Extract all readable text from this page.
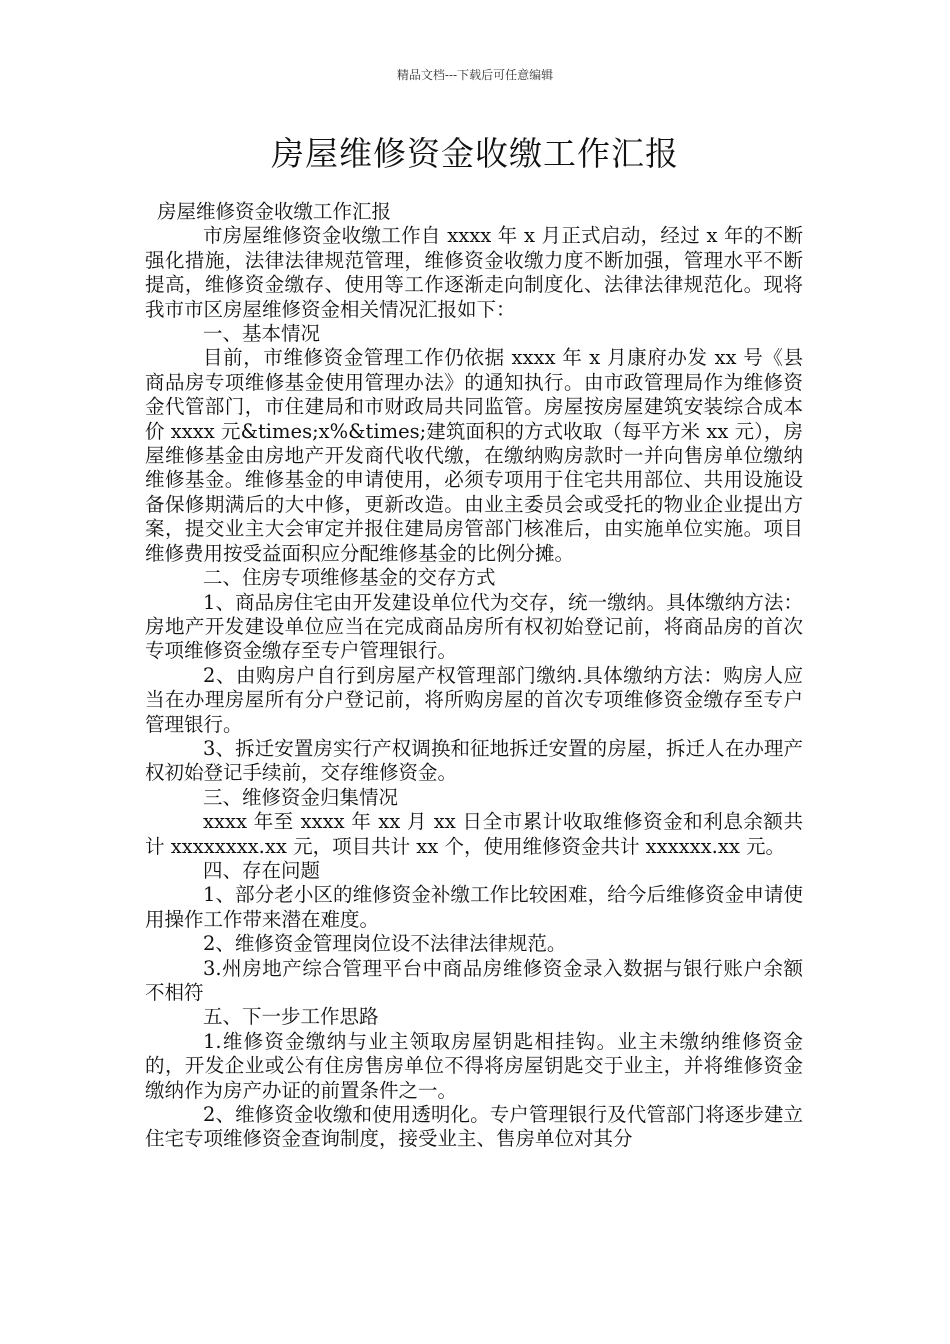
精品文档---下载后可任意编辑
房屋维修资金收缴工作汇报

房屋维修资金收缴工作汇报

市房屋维修资金收缴工作自 xxxx 年 x 月正式启动，经过 x 年的不断强化措施，法律法律规范管理，维修资金收缴力度不断加强，管理水平不断提高，维修资金缴存、使用等工作逐渐走向制度化、法律法律规范化。现将我市市区房屋维修资金相关情况汇报如下：

一、基本情况

目前，市维修资金管理工作仍依据 xxxx 年 x 月康府办发 xx 号《县商品房专项维修基金使用管理办法》的通知执行。由市政管理局作为维修资金代管部门，市住建局和市财政局共同监管。房屋按房屋建筑安装综合成本价 xxxx 元&times;x%&times;建筑面积的方式收取（每平方米 xx 元），房屋维修基金由房地产开发商代收代缴，在缴纳购房款时一并向售房单位缴纳维修基金。维修基金的申请使用，必须专项用于住宅共用部位、共用设施设备保修期满后的大中修，更新改造。由业主委员会或受托的物业企业提出方案，提交业主大会审定并报住建局房管部门核准后，由实施单位实施。项目维修费用按受益面积应分配维修基金的比例分摊。

二、住房专项维修基金的交存方式

1、商品房住宅由开发建设单位代为交存，统一缴纳。具体缴纳方法：房地产开发建设单位应当在完成商品房所有权初始登记前，将商品房的首次专项维修资金缴存至专户管理银行。

2、由购房户自行到房屋产权管理部门缴纳.具体缴纳方法：购房人应当在办理房屋所有分户登记前，将所购房屋的首次专项维修资金缴存至专户管理银行。

3、拆迁安置房实行产权调换和征地拆迁安置的房屋，拆迁人在办理产权初始登记手续前，交存维修资金。

三、维修资金归集情况

xxxx 年至 xxxx 年 xx 月 xx 日全市累计收取维修资金和利息余额共计 xxxxxxxx.xx 元，项目共计 xx 个，使用维修资金共计 xxxxxx.xx 元。

四、存在问题

1、部分老小区的维修资金补缴工作比较困难，给今后维修资金申请使用操作工作带来潜在难度。

2、维修资金管理岗位设不法律法律规范。

3.州房地产综合管理平台中商品房维修资金录入数据与银行账户余额不相符

五、下一步工作思路

1.维修资金缴纳与业主领取房屋钥匙相挂钩。业主未缴纳维修资金的，开发企业或公有住房售房单位不得将房屋钥匙交于业主，并将维修资金缴纳作为房产办证的前置条件之一。

2、维修资金收缴和使用透明化。专户管理银行及代管部门将逐步建立住宅专项维修资金查询制度，接受业主、售房单位对其分
